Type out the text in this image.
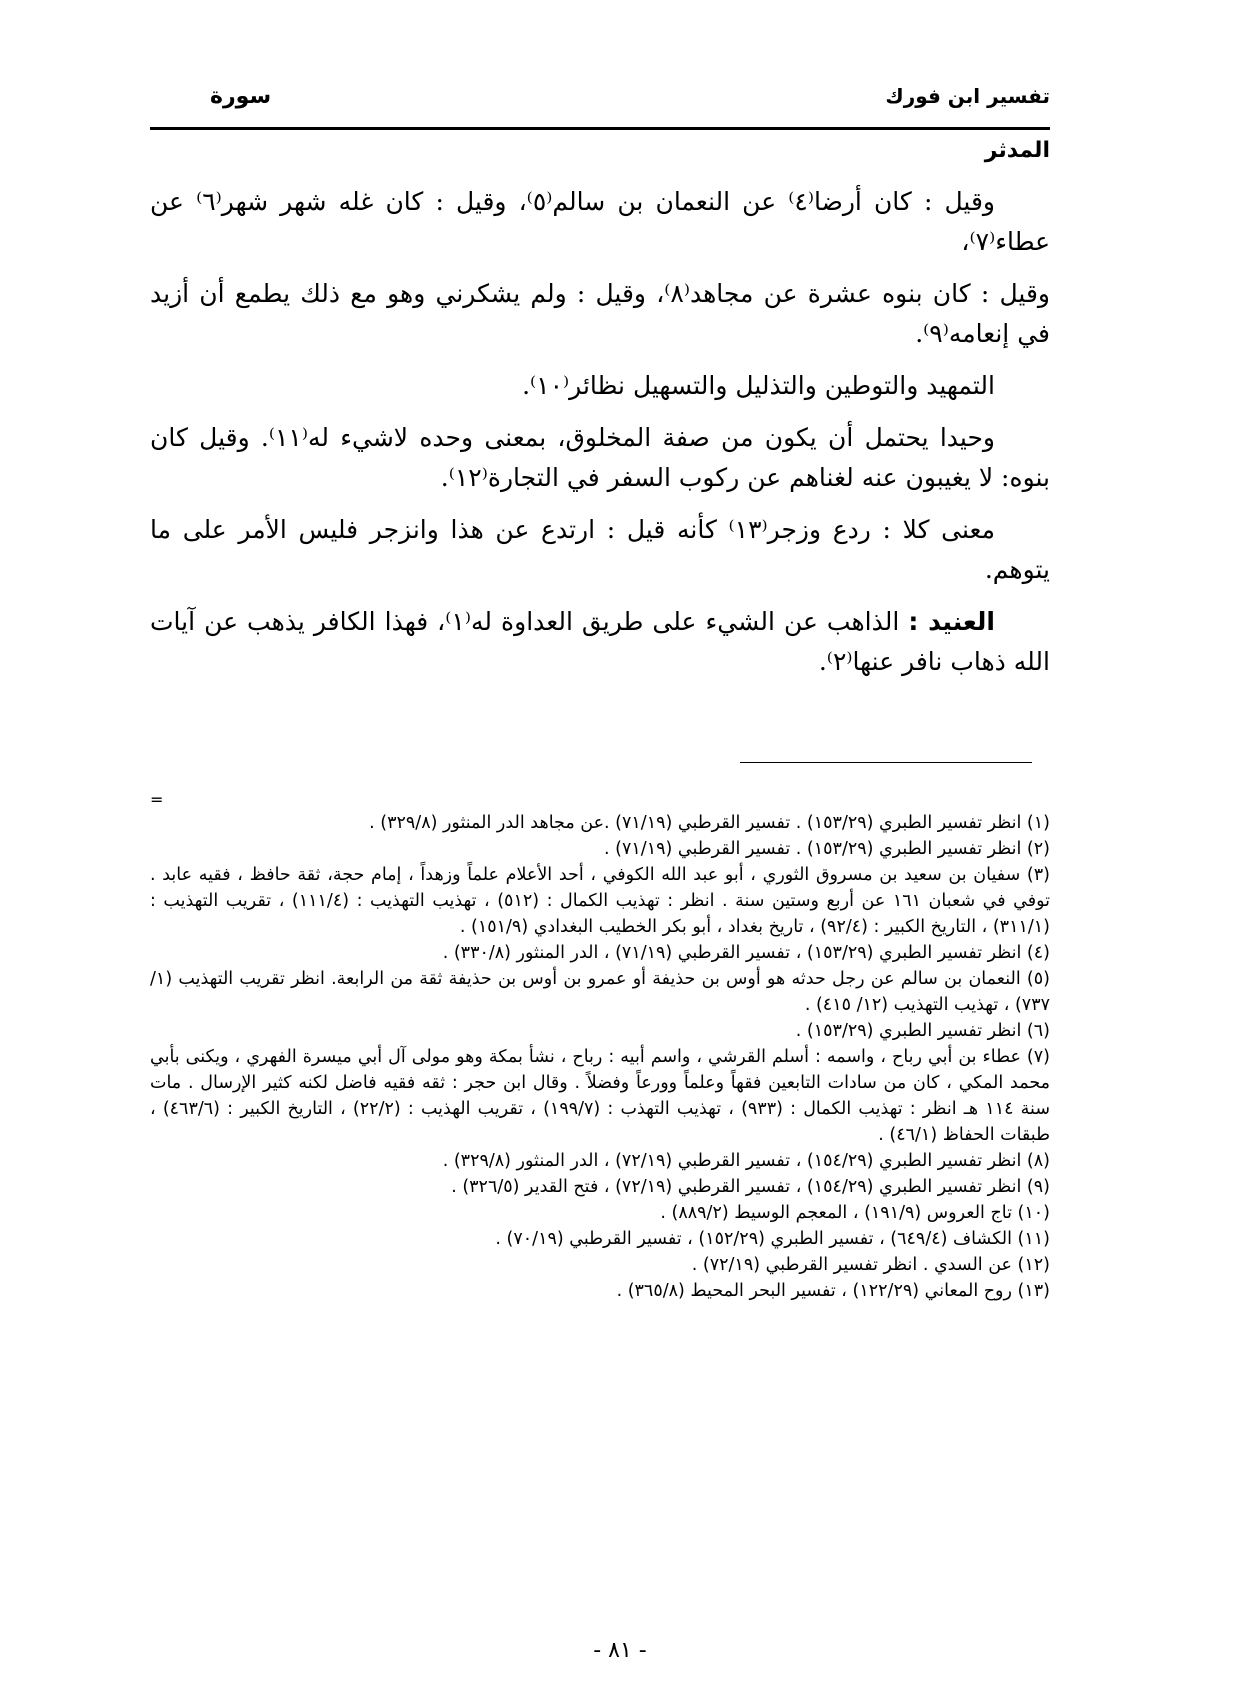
تفسير ابن فورك
سورة
المدثر

وقيل : كان أرضا⁽٤⁾ عن النعمان بن سالم⁽٥⁾، وقيل : كان غله شهر شهر⁽٦⁾ عن عطاء⁽٧⁾،

وقيل : كان بنوه عشرة عن مجاهد⁽٨⁾، وقيل : ولم يشكرني وهو مع ذلك يطمع أن أزيد في إنعامه⁽٩⁾.

التمهيد والتوطين والتذليل والتسهيل نظائر⁽١٠⁾.

وحيدا يحتمل أن يكون من صفة المخلوق، بمعنى وحده لاشيء له⁽١١⁾. وقيل كان بنوه: لا يغيبون عنه لغناهم عن ركوب السفر في التجارة⁽١٢⁾.

معنى كلا : ردع وزجر⁽١٣⁾ كأنه قيل : ارتدع عن هذا وانزجر فليس الأمر على ما يتوهم.

العنيد : الذاهب عن الشيء على طريق العداوة له⁽١⁾، فهذا الكافر يذهب عن آيات الله ذهاب نافر عنها⁽٢⁾.

=

(١) انظر تفسير الطبري (١٥٣/٢٩) . تفسير القرطبي (٧١/١٩) .عن مجاهد الدر المنثور (٣٢٩/٨) .

(٢) انظر تفسير الطبري (١٥٣/٢٩) . تفسير القرطبي (٧١/١٩) .

(٣) سفيان بن سعيد بن مسروق الثوري ، أبو عبد الله الكوفي ، أحد الأعلام علماً وزهداً ، إمام حجة، ثقة حافظ ، فقيه عابد . توفي في شعبان ١٦١ عن أربع وستين سنة . انظر : تهذيب الكمال : (٥١٢) ، تهذيب التهذيب : (١١١/٤) ، تقريب التهذيب : (٣١١/١) ، التاريخ الكبير : (٩٢/٤) ، تاريخ بغداد ، أبو بكر الخطيب البغدادي (١٥١/٩) .

(٤) انظر تفسير الطبري (١٥٣/٢٩) ، تفسير القرطبي (٧١/١٩) ، الدر المنثور (٣٣٠/٨) .

(٥) النعمان بن سالم عن رجل حدثه هو أوس بن حذيفة أو عمرو بن أوس بن حذيفة ثقة من الرابعة. انظر تقريب التهذيب (١/ ٧٣٧) ، تهذيب التهذيب (١٢/ ٤١٥) .

(٦) انظر تفسير الطبري (١٥٣/٢٩) .

(٧) عطاء بن أبي رباح ، واسمه : أسلم القرشي ، واسم أبيه : رباح ، نشأ بمكة وهو مولى آل أبي ميسرة الفهري ، ويكنى بأبي محمد المكي ، كان من سادات التابعين فقهاً وعلماً وورعاً وفضلاً . وقال ابن حجر : ثقه فقيه فاضل لكنه كثير الإرسال . مات سنة ١١٤ هـ انظر : تهذيب الكمال : (٩٣٣) ، تهذيب التهذب : (١٩٩/٧) ، تقريب الهذيب : (٢٢/٢) ، التاريخ الكبير : (٤٦٣/٦) ، طبقات الحفاظ (٤٦/١) .

(٨) انظر تفسير الطبري (١٥٤/٢٩) ، تفسير القرطبي (٧٢/١٩) ، الدر المنثور (٣٢٩/٨) .

(٩) انظر تفسير الطبري (١٥٤/٢٩) ، تفسير القرطبي (٧٢/١٩) ، فتح القدير (٣٢٦/٥) .

(١٠) تاج العروس (١٩١/٩) ، المعجم الوسيط (٨٨٩/٢) .

(١١) الكشاف (٦٤٩/٤) ، تفسير الطبري (١٥٢/٢٩) ، تفسير القرطبي (٧٠/١٩) .

(١٢) عن السدي . انظر تفسير القرطبي (٧٢/١٩) .

(١٣) روح المعاني (١٢٢/٢٩) ، تفسير البحر المحيط (٣٦٥/٨) .

- ٨١ -
